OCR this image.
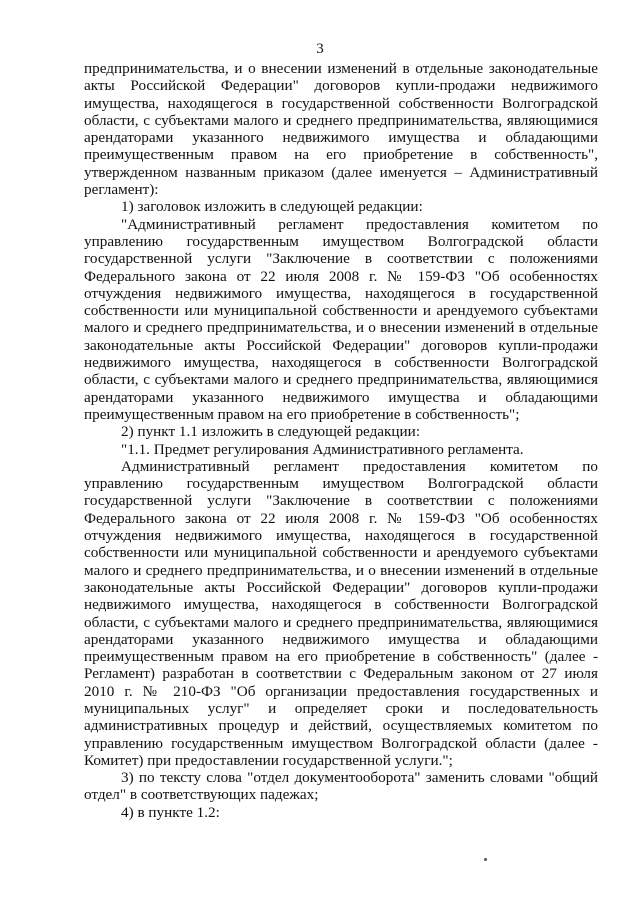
3

предпринимательства, и о внесении изменений в отдельные законодательные акты Российской Федерации" договоров купли-продажи недвижимого имущества, находящегося в государственной собственности Волгоградской области, с субъектами малого и среднего предпринимательства, являющимися арендаторами указанного недвижимого имущества и обладающими преимущественным правом на его приобретение в собственность", утвержденном названным приказом (далее именуется – Административный регламент):

1) заголовок изложить в следующей редакции:

"Административный регламент предоставления комитетом по управлению государственным имуществом Волгоградской области государственной услуги "Заключение в соответствии с положениями Федерального закона от 22 июля 2008 г. № 159-ФЗ "Об особенностях отчуждения недвижимого имущества, находящегося в государственной собственности или муниципальной собственности и арендуемого субъектами малого и среднего предпринимательства, и о внесении изменений в отдельные законодательные акты Российской Федерации" договоров купли-продажи недвижимого имущества, находящегося в собственности Волгоградской области, с субъектами малого и среднего предпринимательства, являющимися арендаторами указанного недвижимого имущества и обладающими преимущественным правом на его приобретение в собственность";

2) пункт 1.1 изложить в следующей редакции:

"1.1. Предмет регулирования Административного регламента.

Административный регламент предоставления комитетом по управлению государственным имуществом Волгоградской области государственной услуги "Заключение в соответствии с положениями Федерального закона от 22 июля 2008 г. № 159-ФЗ "Об особенностях отчуждения недвижимого имущества, находящегося в государственной собственности или муниципальной собственности и арендуемого субъектами малого и среднего предпринимательства, и о внесении изменений в отдельные законодательные акты Российской Федерации" договоров купли-продажи недвижимого имущества, находящегося в собственности Волгоградской области, с субъектами малого и среднего предпринимательства, являющимися арендаторами указанного недвижимого имущества и обладающими преимущественным правом на его приобретение в собственность" (далее - Регламент) разработан в соответствии с Федеральным законом от 27 июля 2010 г. № 210-ФЗ "Об организации предоставления государственных и муниципальных услуг" и определяет сроки и последовательность административных процедур и действий, осуществляемых комитетом по управлению государственным имуществом Волгоградской области (далее - Комитет) при предоставлении государственной услуги.";

3) по тексту слова "отдел документооборота" заменить словами "общий отдел" в соответствующих падежах;

4) в пункте 1.2:
